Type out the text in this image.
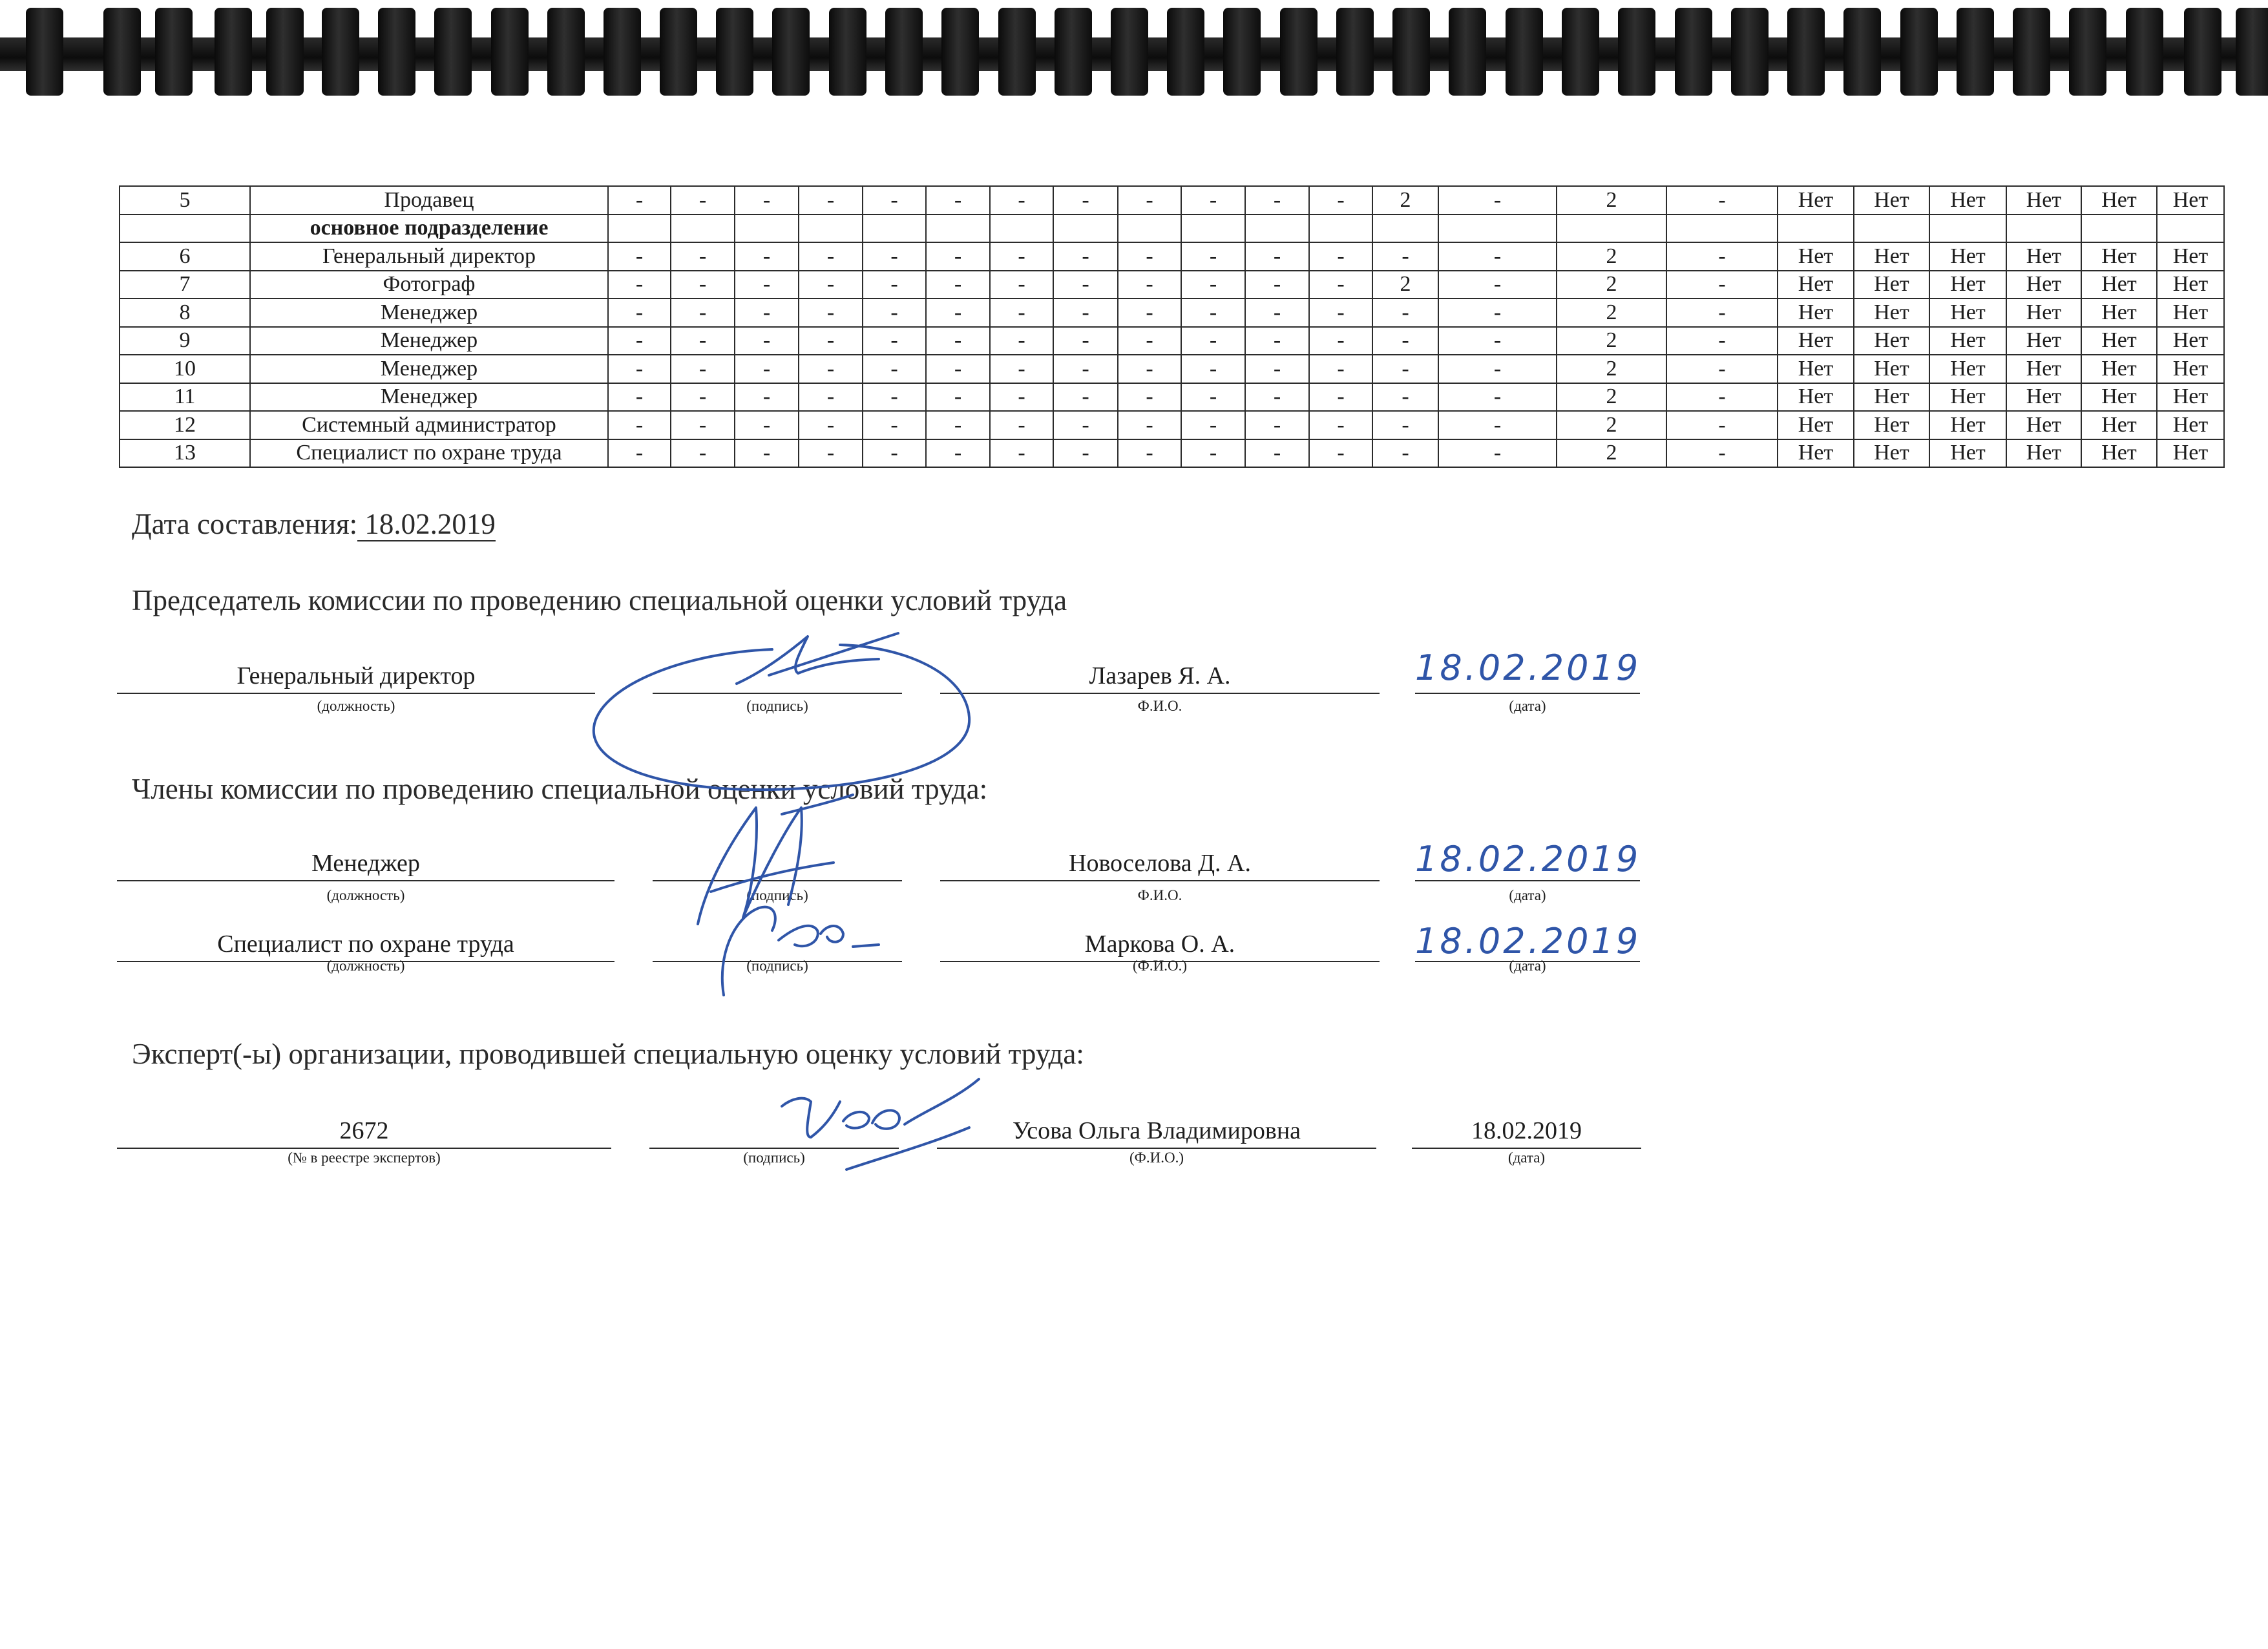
5	Продавец	-	-	-	-	-	-	-	-	-	-	-	-	2	-	2	-	Нет	Нет	Нет	Нет	Нет	Нет
	основное подразделение																						
6	Генеральный директор	-	-	-	-	-	-	-	-	-	-	-	-	-	-	2	-	Нет	Нет	Нет	Нет	Нет	Нет
7	Фотограф	-	-	-	-	-	-	-	-	-	-	-	-	2	-	2	-	Нет	Нет	Нет	Нет	Нет	Нет
8	Менеджер	-	-	-	-	-	-	-	-	-	-	-	-	-	-	2	-	Нет	Нет	Нет	Нет	Нет	Нет
9	Менеджер	-	-	-	-	-	-	-	-	-	-	-	-	-	-	2	-	Нет	Нет	Нет	Нет	Нет	Нет
10	Менеджер	-	-	-	-	-	-	-	-	-	-	-	-	-	-	2	-	Нет	Нет	Нет	Нет	Нет	Нет
11	Менеджер	-	-	-	-	-	-	-	-	-	-	-	-	-	-	2	-	Нет	Нет	Нет	Нет	Нет	Нет
12	Системный администратор	-	-	-	-	-	-	-	-	-	-	-	-	-	-	2	-	Нет	Нет	Нет	Нет	Нет	Нет
13	Специалист по охране труда	-	-	-	-	-	-	-	-	-	-	-	-	-	-	2	-	Нет	Нет	Нет	Нет	Нет	Нет
Дата составления: 18.02.2019
Председатель комиссии по проведению специальной оценки условий труда
Генеральный директор	Лазарев Я. А.	18.02.2019
(должность)	(подпись)	Ф.И.О.	(дата)
Члены комиссии по проведению специальной оценки условий труда:
Менеджер	Новоселова Д. А.	18.02.2019
(должность)	(подпись)	Ф.И.О.	(дата)
Специалист по охране труда	Маркова О. А.	18.02.2019
(должность)	(подпись)	(Ф.И.О.)	(дата)
Эксперт(-ы) организации, проводившей специальную оценку условий труда:
2672	Усова Ольга Владимировна	18.02.2019
(№ в реестре экспертов)	(подпись)	(Ф.И.О.)	(дата)
